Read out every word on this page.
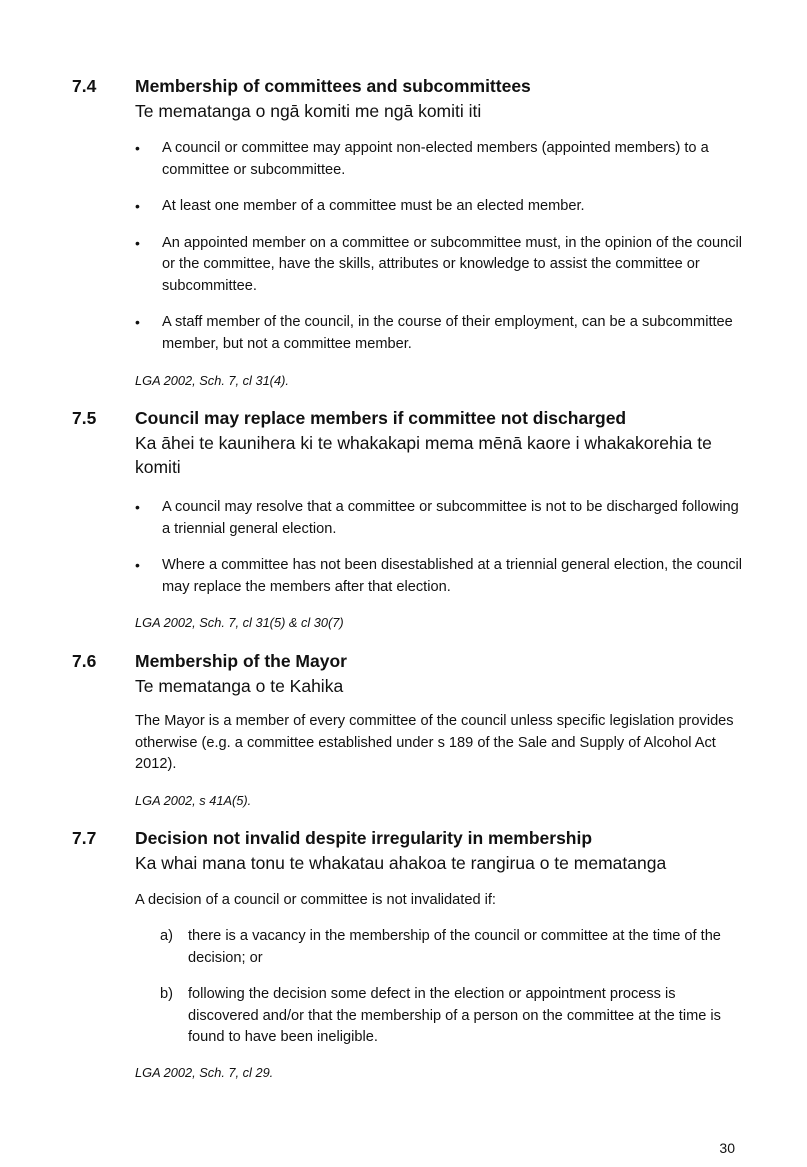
7.4 Membership of committees and subcommittees
Te mematanga o ngā komiti me ngā komiti iti
• A council or committee may appoint non-elected members (appointed members) to a committee or subcommittee.
• At least one member of a committee must be an elected member.
• An appointed member on a committee or subcommittee must, in the opinion of the council or the committee, have the skills, attributes or knowledge to assist the committee or subcommittee.
• A staff member of the council, in the course of their employment, can be a subcommittee member, but not a committee member.
LGA 2002, Sch. 7, cl 31(4).
7.5 Council may replace members if committee not discharged
Ka āhei te kaunihera ki te whakakapi mema mēnā kaore i whakakorehia te komiti
• A council may resolve that a committee or subcommittee is not to be discharged following a triennial general election.
• Where a committee has not been disestablished at a triennial general election, the council may replace the members after that election.
LGA 2002, Sch. 7, cl 31(5) & cl 30(7)
7.6 Membership of the Mayor
Te mematanga o te Kahika
The Mayor is a member of every committee of the council unless specific legislation provides otherwise (e.g. a committee established under s 189 of the Sale and Supply of Alcohol Act 2012).
LGA 2002, s 41A(5).
7.7 Decision not invalid despite irregularity in membership
Ka whai mana tonu te whakatau ahakoa te rangirua o te mematanga
A decision of a council or committee is not invalidated if:
a) there is a vacancy in the membership of the council or committee at the time of the decision; or
b) following the decision some defect in the election or appointment process is discovered and/or that the membership of a person on the committee at the time is found to have been ineligible.
LGA 2002, Sch. 7, cl 29.
30
